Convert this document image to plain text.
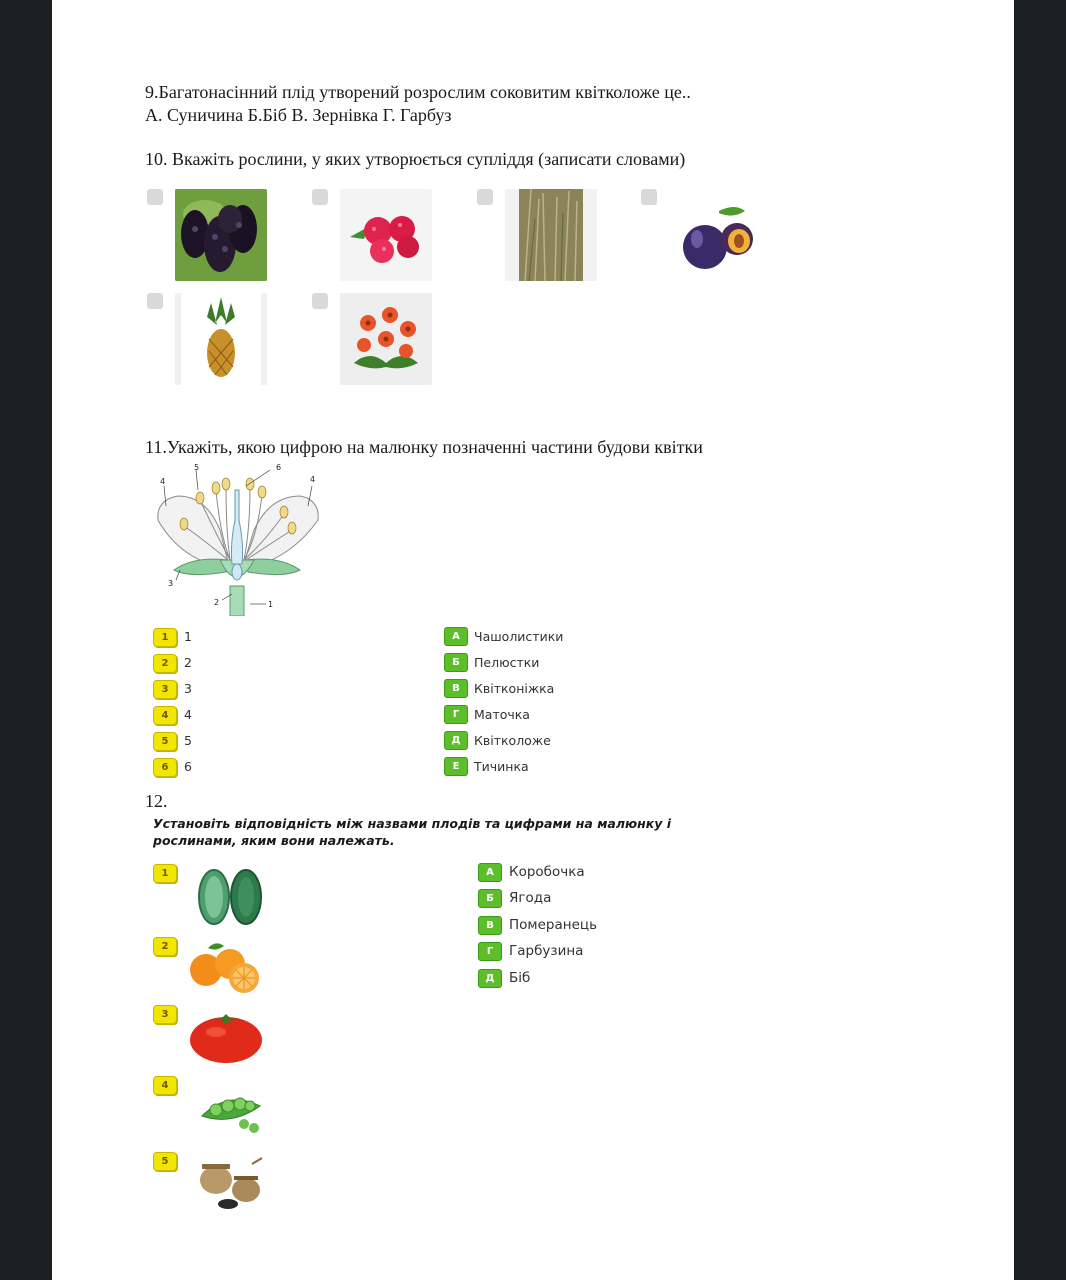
9.Багатонасінний плід утворений розрослим соковитим квітколоже це..
А. Суничина Б.Біб В. Зернівка Г. Гарбуз
10. Вкажіть рослини, у яких утворюється супліддя (записати словами)
11.Укажіть, якою цифрою на малюнку позначенні частини будови квітки
1
2
3
4	4
5	6
1	1
2	2
3	3
4	4
5	5
6	6
А	Чашолистики
Б	Пелюстки
В	Квітконіжка
Г	Маточка
Д	Квітколоже
Е	Тичинка
12.
Установіть відповідність між назвами плодів та цифрами на малюнку і
рослинами, яким вони належать.
1
2
3
4
5
А	Коробочка
Б	Ягода
В	Померанець
Г	Гарбузина
Д	Біб
